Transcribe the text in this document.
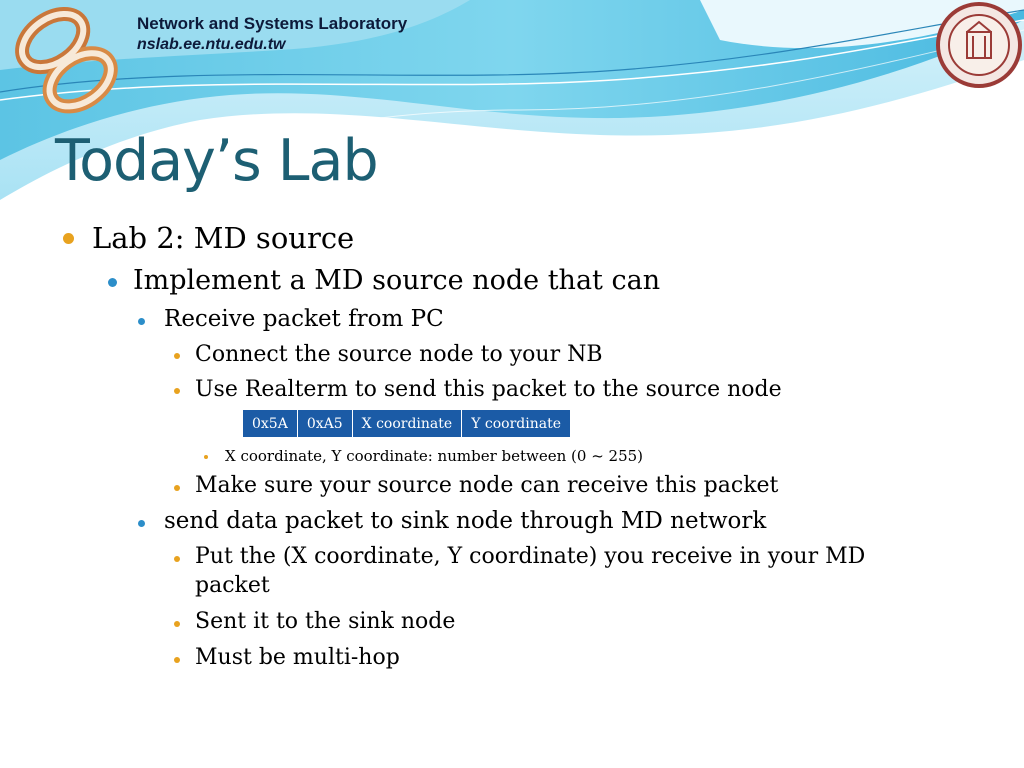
Network and Systems Laboratory
nslab.ee.ntu.edu.tw
Today’s Lab
Lab 2: MD source
Implement a MD source node that can
Receive packet from PC
Connect the source node to your NB
Use Realterm to send this packet to the source node
0x5A	0xA5	X coordinate	Y coordinate
X coordinate, Y coordinate: number between (0 ~ 255)
Make sure your source node can receive this packet
send data packet to sink node through MD network
Put the (X coordinate, Y coordinate) you receive in your MD
packet
Sent it to the sink node
Must be multi-hop
